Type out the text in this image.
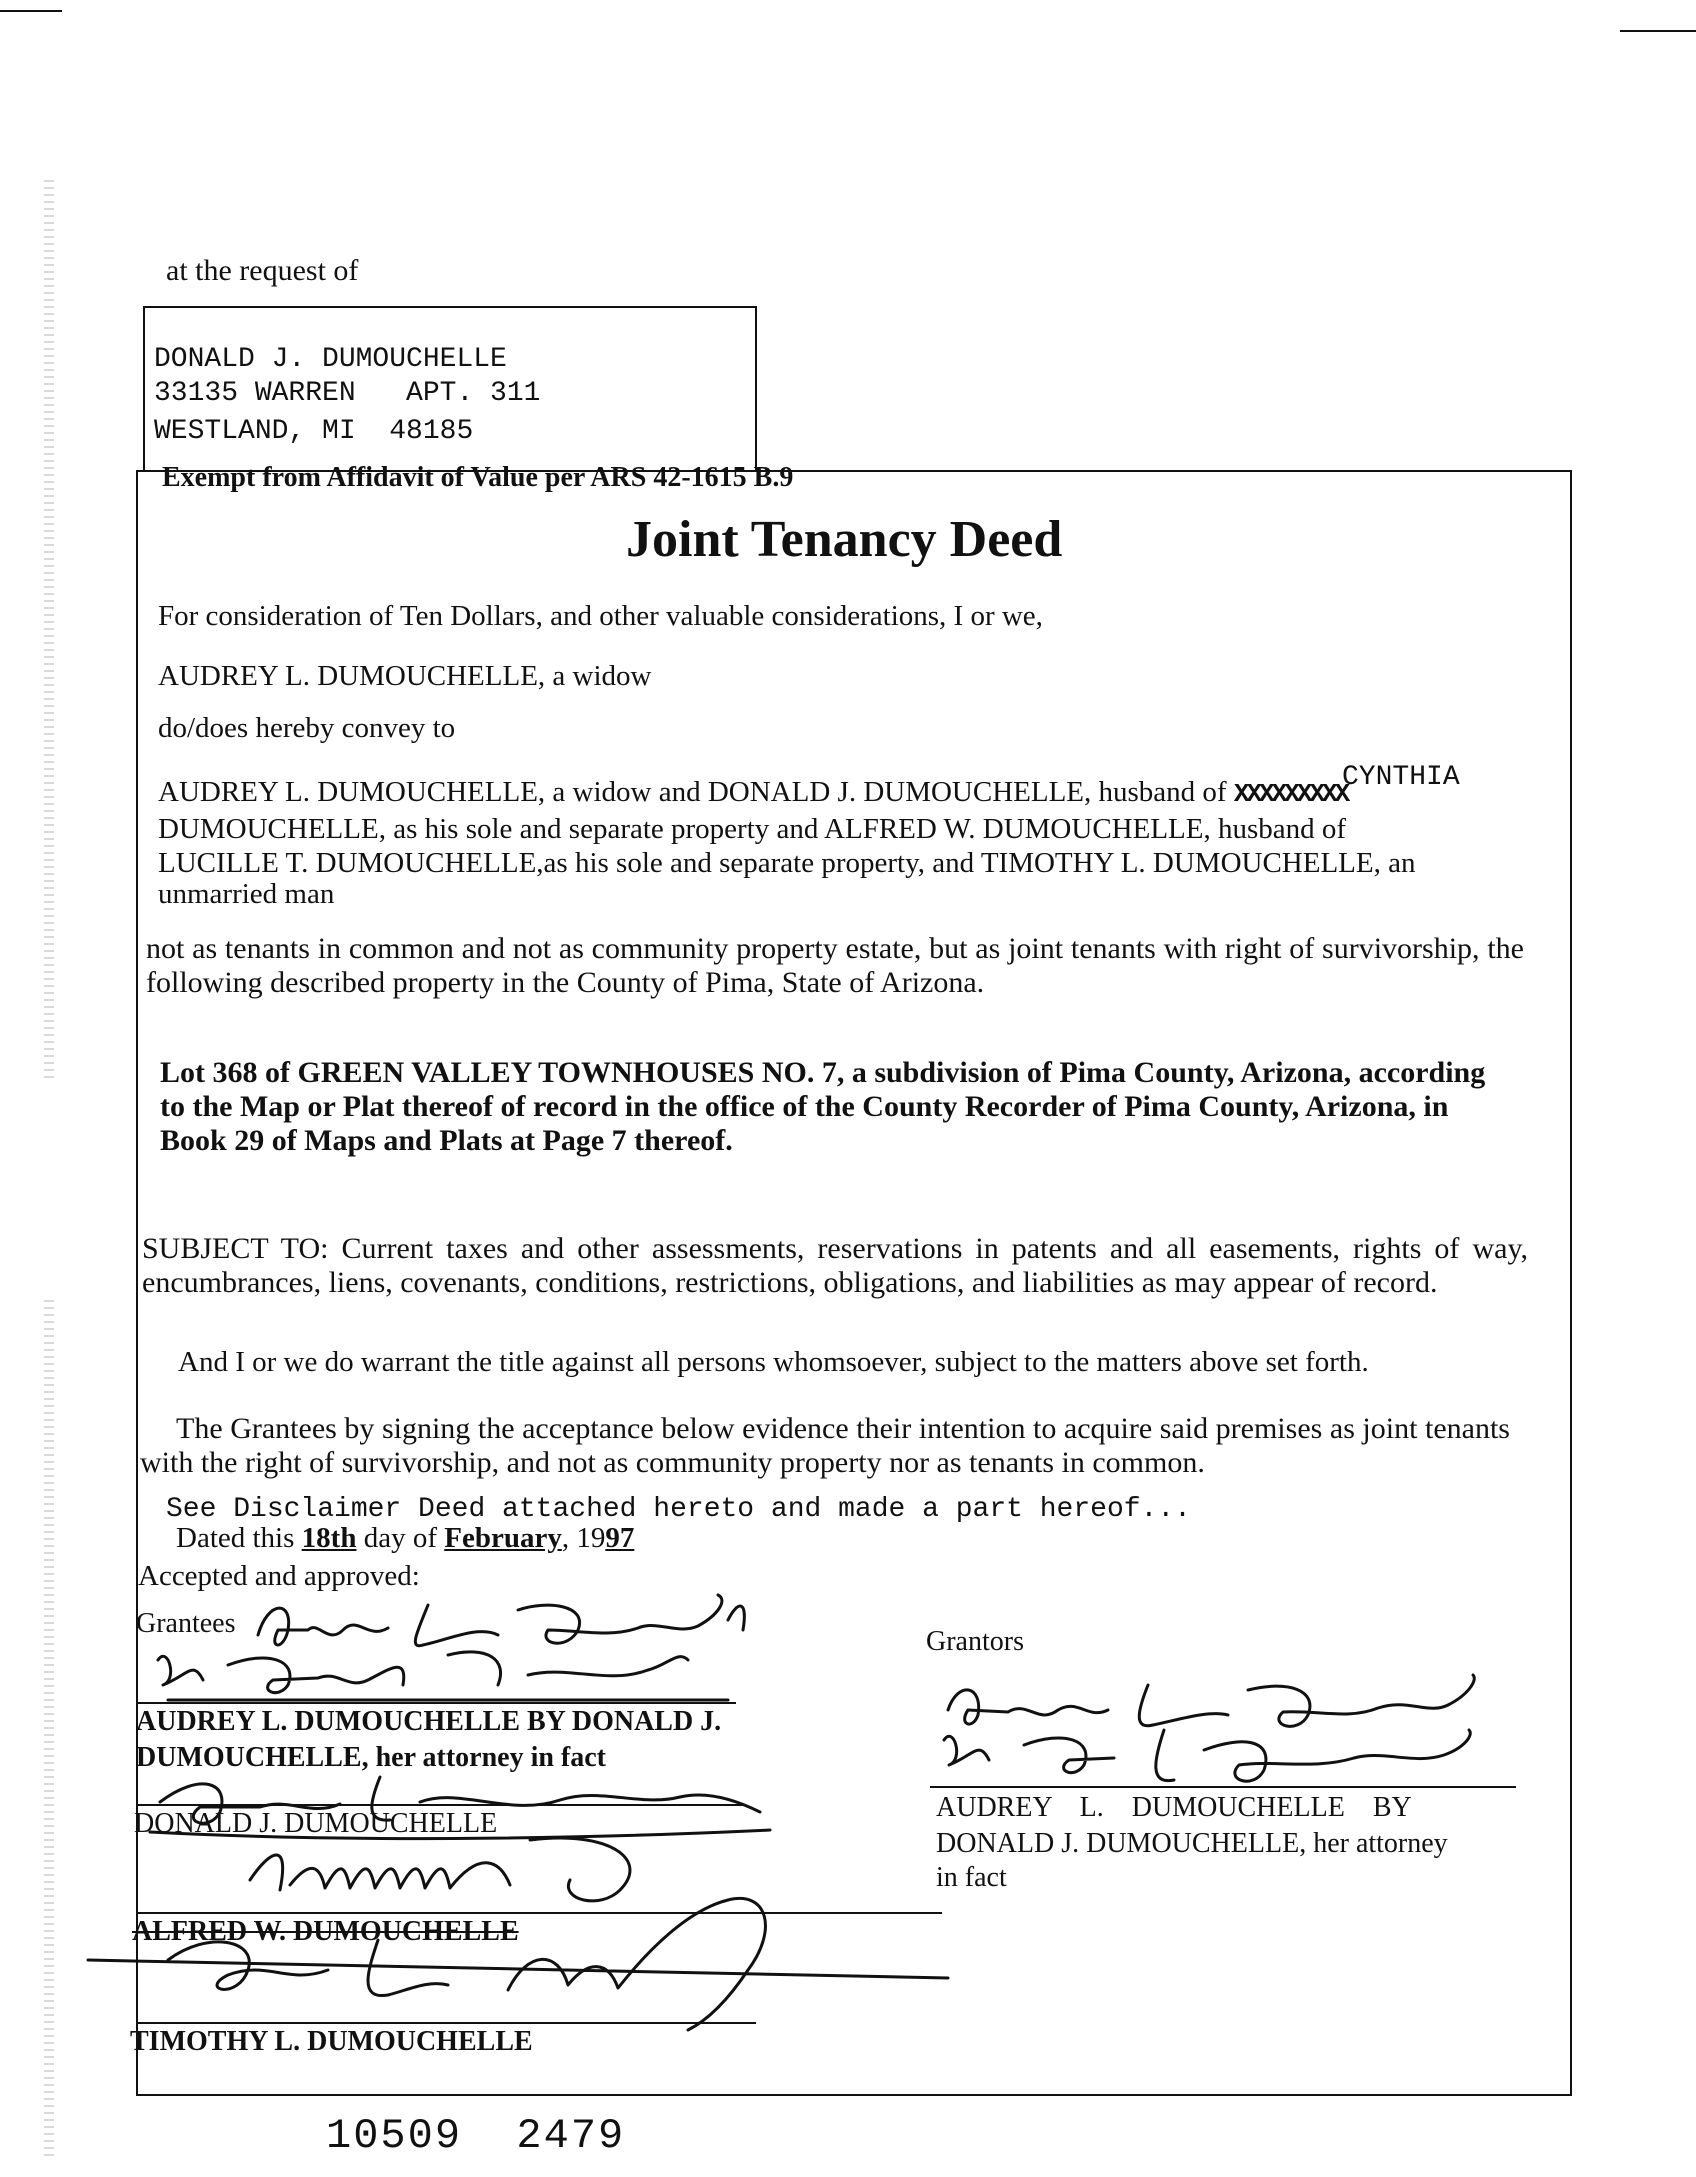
at the request of
DONALD J. DUMOUCHELLE
33135 WARREN   APT. 311
WESTLAND, MI  48185
Exempt from Affidavit of Value per ARS 42-1615 B.9
Joint Tenancy Deed
For consideration of Ten Dollars, and other valuable considerations, I or we,
AUDREY L. DUMOUCHELLE, a widow
do/does hereby convey to
CYNTHIA
AUDREY L. DUMOUCHELLE, a widow and DONALD J. DUMOUCHELLE, husband of XXXXXXXXX
DUMOUCHELLE, as his sole and separate property and ALFRED W. DUMOUCHELLE, husband of
LUCILLE T. DUMOUCHELLE,as his sole and separate property, and TIMOTHY L. DUMOUCHELLE, an
unmarried man
not as tenants in common and not as community property estate, but as joint tenants with right of survivorship, the following described property in the County of Pima, State of Arizona.
Lot 368 of GREEN VALLEY TOWNHOUSES NO. 7, a subdivision of Pima County, Arizona, according to the Map or Plat thereof of record in the office of the County Recorder of Pima County, Arizona, in Book 29 of Maps and Plats at Page 7 thereof.
SUBJECT TO: Current taxes and other assessments, reservations in patents and all easements, rights of way, encumbrances, liens, covenants, conditions, restrictions, obligations, and liabilities as may appear of record.
And I or we do warrant the title against all persons whomsoever, subject to the matters above set forth.
The Grantees by signing the acceptance below evidence their intention to acquire said premises as joint tenants with the right of survivorship, and not as community property nor as tenants in common.
See Disclaimer Deed attached hereto and made a part hereof...
Dated this 18th day of February, 1997
Accepted and approved:
Grantees
AUDREY L. DUMOUCHELLE BY DONALD J.
DUMOUCHELLE, her attorney in fact
DONALD J. DUMOUCHELLE
ALFRED W. DUMOUCHELLE
TIMOTHY L. DUMOUCHELLE
Grantors
AUDREY    L.    DUMOUCHELLE    BY
DONALD J. DUMOUCHELLE, her attorney
in fact
10509  2479
